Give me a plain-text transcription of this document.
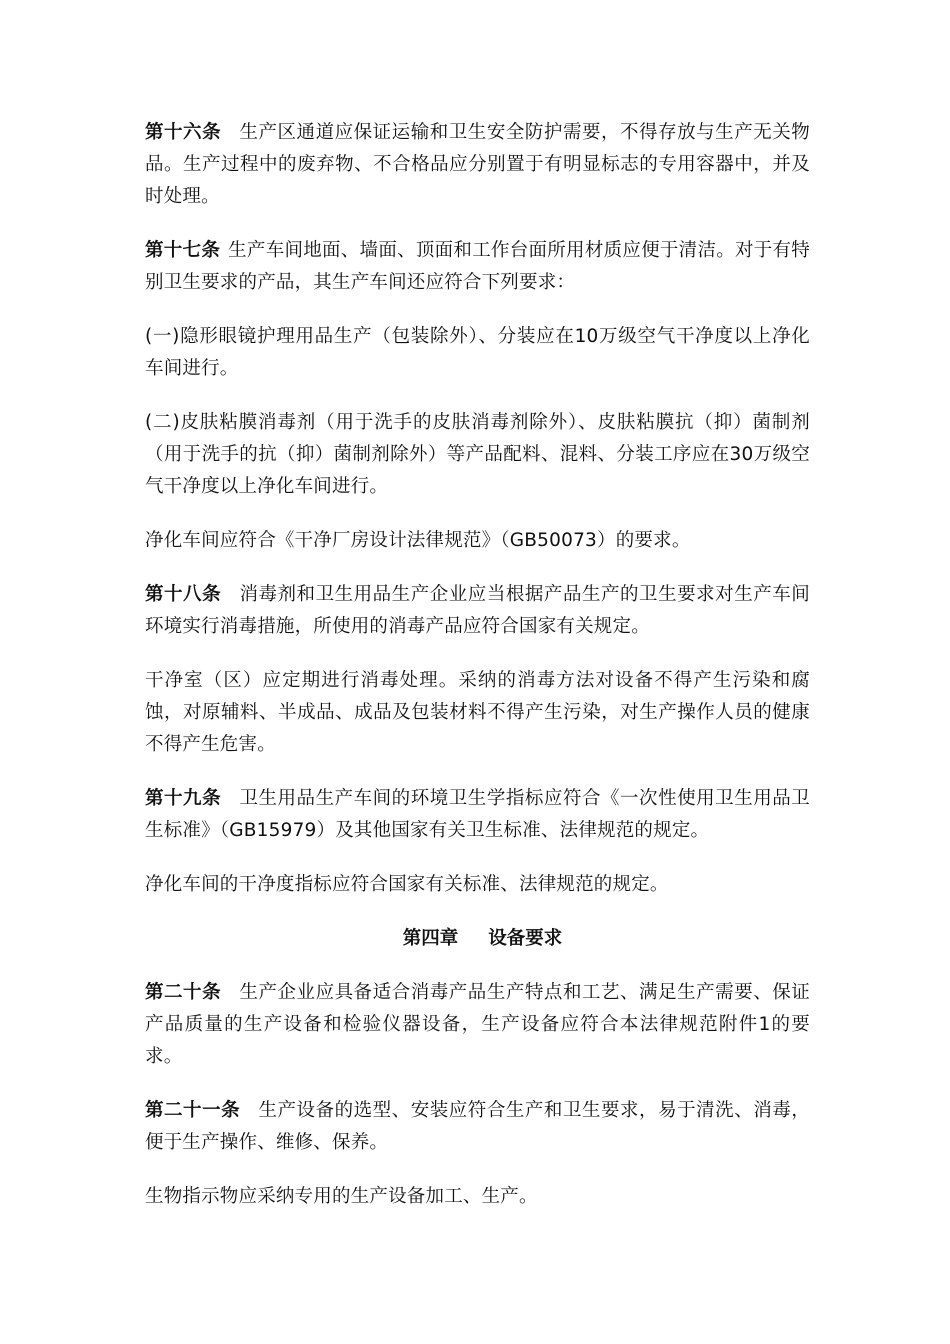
第十六条 生产区通道应保证运输和卫生安全防护需要，不得存放与生产无关物品。生产过程中的废弃物、不合格品应分别置于有明显标志的专用容器中，并及时处理。

第十七条 生产车间地面、墙面、顶面和工作台面所用材质应便于清洁。对于有特别卫生要求的产品，其生产车间还应符合下列要求：

(一)隐形眼镜护理用品生产（包装除外）、分装应在10万级空气干净度以上净化车间进行。

(二)皮肤粘膜消毒剂（用于洗手的皮肤消毒剂除外）、皮肤粘膜抗（抑）菌制剂（用于洗手的抗（抑）菌制剂除外）等产品配料、混料、分装工序应在30万级空气干净度以上净化车间进行。

净化车间应符合《干净厂房设计法律规范》（GB50073）的要求。

第十八条 消毒剂和卫生用品生产企业应当根据产品生产的卫生要求对生产车间环境实行消毒措施，所使用的消毒产品应符合国家有关规定。

干净室（区）应定期进行消毒处理。采纳的消毒方法对设备不得产生污染和腐蚀，对原辅料、半成品、成品及包装材料不得产生污染，对生产操作人员的健康不得产生危害。

第十九条 卫生用品生产车间的环境卫生学指标应符合《一次性使用卫生用品卫生标准》（GB15979）及其他国家有关卫生标准、法律规范的规定。

净化车间的干净度指标应符合国家有关标准、法律规范的规定。

第四章 设备要求

第二十条 生产企业应具备适合消毒产品生产特点和工艺、满足生产需要、保证产品质量的生产设备和检验仪器设备，生产设备应符合本法律规范附件1的要求。

第二十一条 生产设备的选型、安装应符合生产和卫生要求，易于清洗、消毒，便于生产操作、维修、保养。

生物指示物应采纳专用的生产设备加工、生产。
